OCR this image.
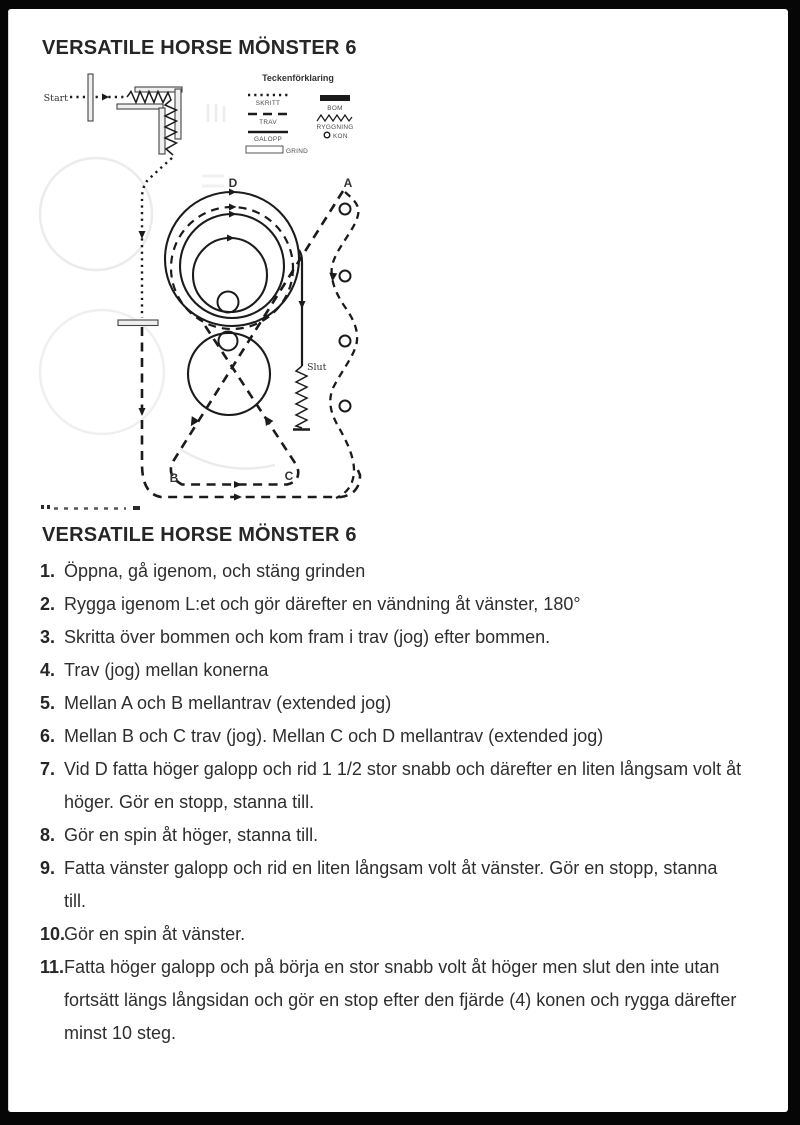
VERSATILE HORSE MÖNSTER 6
Teckenförklaring
SKRITT
TRAV
GALOPP
GRIND
BOM
RYGGNING
KON
Start
Slut
D	A
B	C
VERSATILE HORSE MÖNSTER 6
1. Öppna, gå igenom, och stäng grinden
2. Rygga igenom L:et och gör därefter en vändning åt vänster, 180°
3. Skritta över bommen och kom fram i trav (jog) efter bommen.
4. Trav (jog) mellan konerna
5. Mellan A och B mellantrav (extended jog)
6. Mellan B och C trav (jog). Mellan C och D mellantrav (extended jog)
7. Vid D fatta höger galopp och rid 1 1/2 stor snabb och därefter en liten långsam volt åt höger. Gör en stopp, stanna till.
8. Gör en spin åt höger, stanna till.
9. Fatta vänster galopp och rid en liten långsam volt åt vänster. Gör en stopp, stanna till.
10.
Gör en spin åt vänster.
11. Fatta höger galopp och på börja en stor snabb volt åt höger men slut den inte utan fortsätt längs långsidan och gör en stop efter den fjärde (4) konen och rygga därefter minst 10 steg.
